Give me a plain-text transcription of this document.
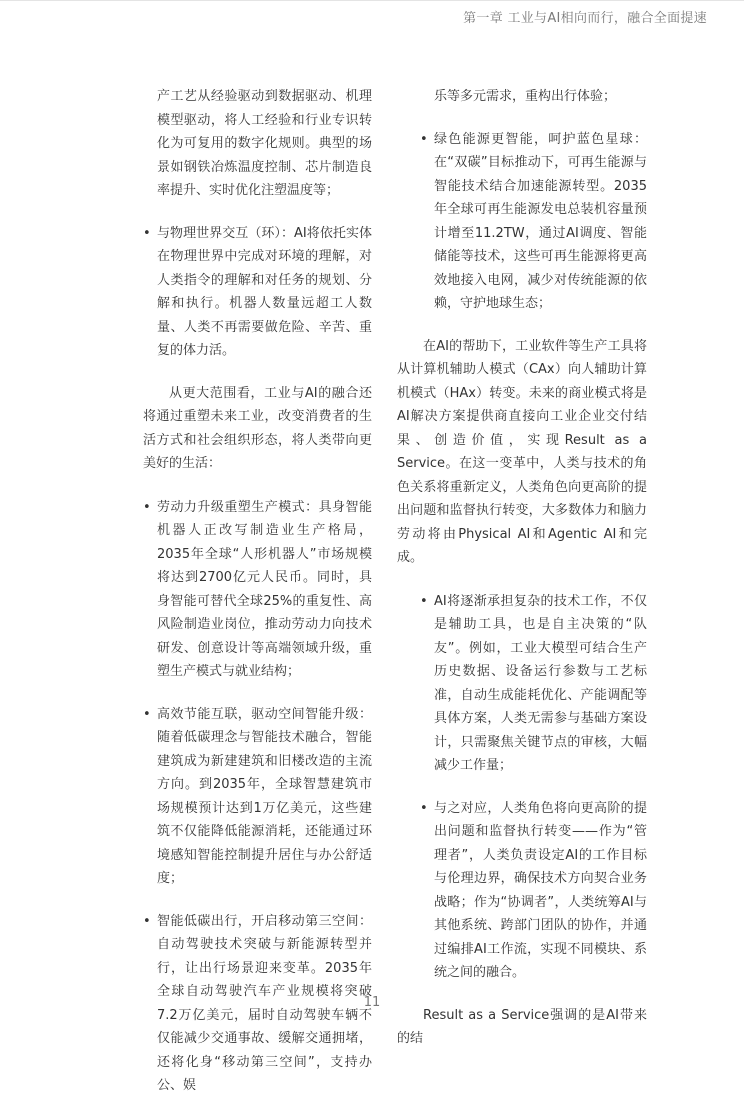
第一章 工业与AI相向而行，融合全面提速

产工艺从经验驱动到数据驱动、机理模型驱动，将人工经验和行业专识转化为可复用的数字化规则。典型的场景如钢铁冶炼温度控制、芯片制造良率提升、实时优化注塑温度等；

• 与物理世界交互（环）：AI将依托实体在物理世界中完成对环境的理解，对人类指令的理解和对任务的规划、分解和执行。机器人数量远超工人数量、人类不再需要做危险、辛苦、重复的体力活。

从更大范围看，工业与AI的融合还将通过重塑未来工业，改变消费者的生活方式和社会组织形态，将人类带向更美好的生活：

• 劳动力升级重塑生产模式：具身智能机器人正改写制造业生产格局，2035年全球“人形机器人”市场规模将达到2700亿元人民币。同时，具身智能可替代全球25%的重复性、高风险制造业岗位，推动劳动力向技术研发、创意设计等高端领域升级，重塑生产模式与就业结构；
• 高效节能互联，驱动空间智能升级：随着低碳理念与智能技术融合，智能建筑成为新建建筑和旧楼改造的主流方向。到2035年，全球智慧建筑市场规模预计达到1万亿美元，这些建筑不仅能降低能源消耗，还能通过环境感知智能控制提升居住与办公舒适度；
• 智能低碳出行，开启移动第三空间：自动驾驶技术突破与新能源转型并行，让出行场景迎来变革。2035年全球自动驾驶汽车产业规模将突破7.2万亿美元，届时自动驾驶车辆不仅能减少交通事故、缓解交通拥堵，还将化身“移动第三空间”，支持办公、娱

乐等多元需求，重构出行体验；

• 绿色能源更智能，呵护蓝色星球：在“双碳”目标推动下，可再生能源与智能技术结合加速能源转型。2035年全球可再生能源发电总装机容量预计增至11.2TW，通过AI调度、智能储能等技术，这些可再生能源将更高效地接入电网，减少对传统能源的依赖，守护地球生态；

在AI的帮助下，工业软件等生产工具将从计算机辅助人模式（CAx）向人辅助计算机模式（HAx）转变。未来的商业模式将是AI解决方案提供商直接向工业企业交付结果、创造价值，实现Result as a Service。在这一变革中，人类与技术的角色关系将重新定义，人类角色向更高阶的提出问题和监督执行转变，大多数体力和脑力劳动将由Physical AI和Agentic AI和完成。

• AI将逐渐承担复杂的技术工作，不仅是辅助工具，也是自主决策的“队友”。例如，工业大模型可结合生产历史数据、设备运行参数与工艺标准，自动生成能耗优化、产能调配等具体方案，人类无需参与基础方案设计，只需聚焦关键节点的审核，大幅减少工作量；
• 与之对应，人类角色将向更高阶的提出问题和监督执行转变——作为“管理者”，人类负责设定AI的工作目标与伦理边界，确保技术方向契合业务战略；作为“协调者”，人类统筹AI与其他系统、跨部门团队的协作，并通过编排AI工作流，实现不同模块、系统之间的融合。

Result as a Service强调的是AI带来的结

11
